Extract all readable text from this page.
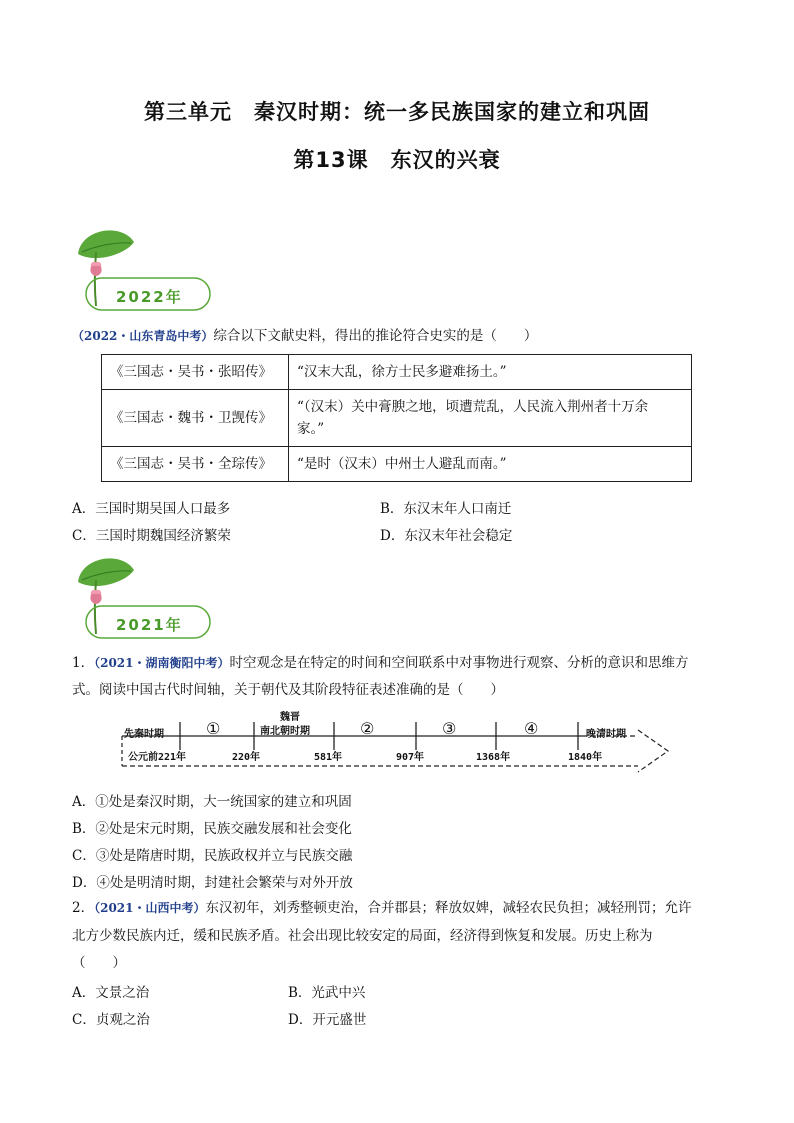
第三单元　秦汉时期：统一多民族国家的建立和巩固
第13课　东汉的兴衰
2022年
（2022・山东青岛中考）综合以下文献史料，得出的推论符合史实的是（　　）
《三国志・吴书・张昭传》	“汉末大乱，徐方士民多避难扬土。”
《三国志・魏书・卫觊传》	“（汉末）关中膏腴之地，顷遭荒乱，人民流入荆州者十万余
家。”
《三国志・吴书・全琮传》	“是时（汉末）中州士人避乱而南。”
A．三国时期吴国人口最多	B．东汉末年人口南迁
C．三国时期魏国经济繁荣	D．东汉末年社会稳定
2021年
1．（2021・湖南衡阳中考）时空观念是在特定的时间和空间联系中对事物进行观察、分析的意识和思维方
式。阅读中国古代时间轴，关于朝代及其阶段特征表述准确的是（　　）
先秦时期	①
魏晋
南北朝时期	②	③	④	晚清时期
公元前221年	220年	581年	907年	1368年	1840年
A．①处是秦汉时期，大一统国家的建立和巩固
B．②处是宋元时期，民族交融发展和社会变化
C．③处是隋唐时期，民族政权并立与民族交融
D．④处是明清时期，封建社会繁荣与对外开放
2．（2021・山西中考）东汉初年，刘秀整顿吏治，合并郡县；释放奴婢，减轻农民负担；减轻刑罚；允许
北方少数民族内迁，缓和民族矛盾。社会出现比较安定的局面，经济得到恢复和发展。历史上称为
（　　）
A．文景之治	B．光武中兴
C．贞观之治	D．开元盛世
